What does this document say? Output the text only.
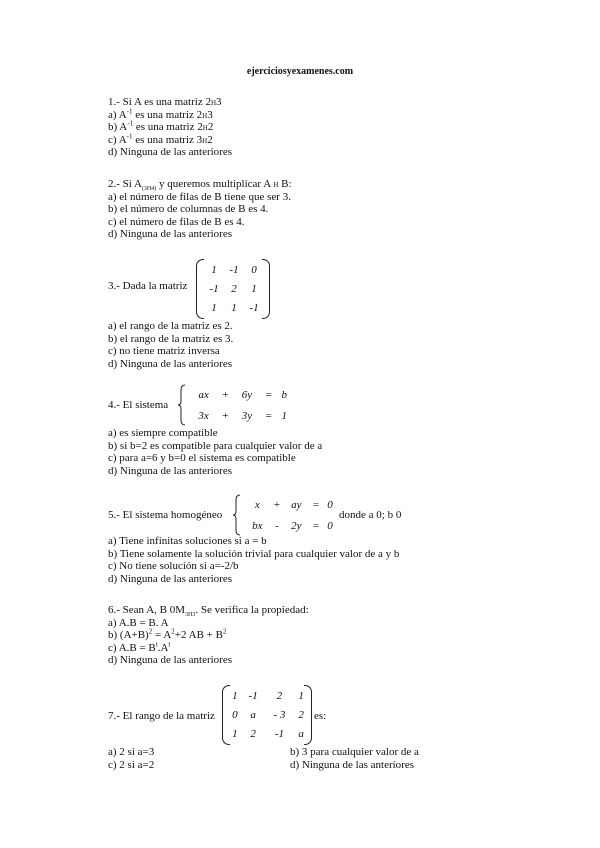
ejerciciosyexamenes.com
1.- Si A es una matriz 2H3
a) $A^{-1}$ es una matriz 2H3
b) $A^{-1}$ es una matriz 2H2
c) $A^{-1}$ es una matriz 3H2
d) Ninguna de las anteriores
2.- Si $A_{(3H4)}$ y queremos multiplicar A H B:
a) el número de filas de B tiene que ser 3.
b) el número de columnas de B es 4.
c) el número de filas de B es 4.
d) Ninguna de las anteriores
3.- Dada la matriz
1	-1	0
-1	2	1
1	1	-1
a) el rango de la matriz es 2.
b) el rango de la matriz es 3.
c) no tiene matriz inversa
d) Ninguna de las anteriores
4.- El sistema
ax	+	6y	=	b
3x	+	3y	=	1
a) es siempre compatible
b) si b=2 es compatible para cualquier valor de a
c) para a=6 y b=0 el sistema es compatible
d) Ninguna de las anteriores
5.- El sistema homogéneo
x	+	ay	=	0
bx	-	2y	=	0
donde a 0; b 0
a) Tiene infinitas soluciones si a = b
b) Tiene solamente la solución trivial para cualquier valor de a y b
c) No tiene solución si a=-2/b
d) Ninguna de las anteriores
6.- Sean A, B $0M_{3H3}$. Se verifica la propiedad:
a) A.B = B. A
b) $(A+B)^2 = A^2+2$ AB + $B^2$
c) $A.B = B^t.A^t$
d) Ninguna de las anteriores
7.- El rango de la matriz
1	-1	2	1
0	a	- 3	2
1	2	-1	a
es:
a) 2 si a=3	b) 3 para cualquier valor de a
c) 2 si a=2	d) Ninguna de las anteriores
